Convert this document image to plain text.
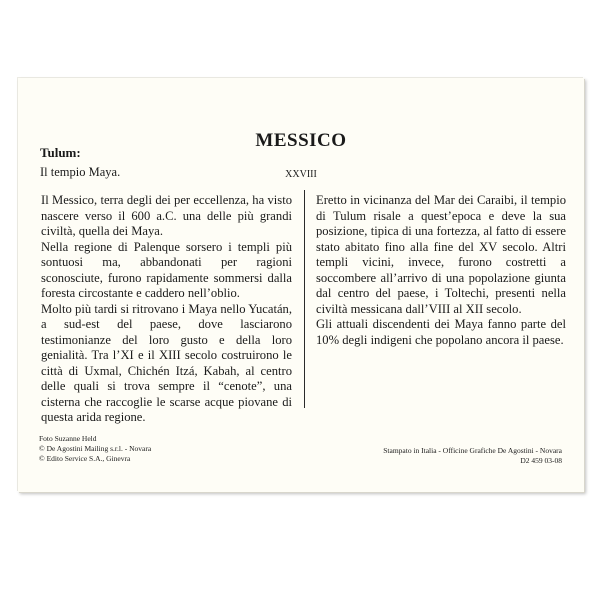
MESSICO
XXVIII
Tulum:
Il tempio Maya.

Il Messico, terra degli dei per eccellenza, ha visto nascere verso il 600 a.C. una delle più grandi civiltà, quella dei Maya.

Nella regione di Palenque sorsero i templi più sontuosi ma, abbandonati per ragioni sconosciute, furono rapidamente sommersi dalla foresta circostante e caddero nell’oblio.

Molto più tardi si ritrovano i Maya nello Yucatán, a sud-est del paese, dove lasciarono testimonianze del loro gusto e della loro genialità. Tra l’XI e il XIII secolo costruirono le città di Uxmal, Chichén Itzá, Kabah, al centro delle quali si trova sempre il “cenote”, una cisterna che raccoglie le scarse acque piovane di questa arida regione.

Eretto in vicinanza del Mar dei Caraibi, il tempio di Tulum risale a quest’epoca e deve la sua posizione, tipica di una fortezza, al fatto di essere stato abitato fino alla fine del XV secolo. Altri templi vicini, invece, furono costretti a soccombere all’arrivo di una popolazione giunta dal centro del paese, i Toltechi, presenti nella civiltà messicana dall’VIII al XII secolo.

Gli attuali discendenti dei Maya fanno parte del 10% degli indigeni che popolano ancora il paese.

Foto Suzanne Held
© De Agostini Mailing s.r.l. - Novara
© Edito Service S.A., Ginevra
Stampato in Italia - Officine Grafiche De Agostini - Novara
D2 459 03-08
